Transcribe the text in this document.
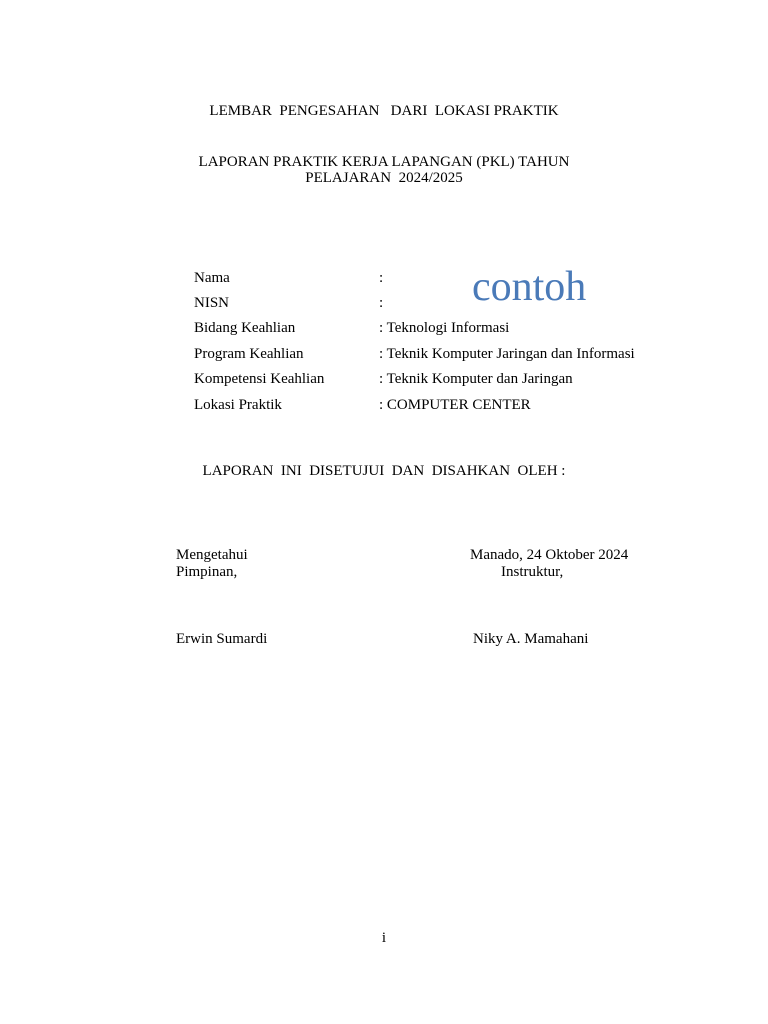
LEMBAR  PENGESAHAN   DARI  LOKASI PRAKTIK
LAPORAN PRAKTIK KERJA LAPANGAN (PKL) TAHUN
PELAJARAN  2024/2025
contoh
Nama	:
NISN	:
Bidang Keahlian	: Teknologi Informasi
Program Keahlian	: Teknik Komputer Jaringan dan Informasi
Kompetensi Keahlian	: Teknik Komputer dan Jaringan
Lokasi Praktik	: COMPUTER CENTER
LAPORAN  INI  DISETUJUI  DAN  DISAHKAN  OLEH :
Mengetahui
Pimpinan,
Erwin Sumardi
Manado, 24 Oktober 2024
Instruktur,
Niky A. Mamahani
i
